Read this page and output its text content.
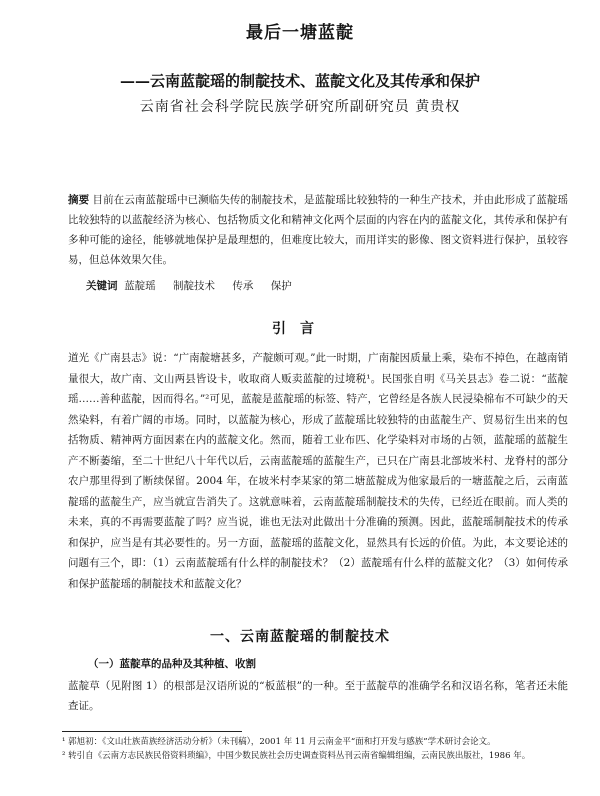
最后一塘蓝靛
——云南蓝靛瑶的制靛技术、蓝靛文化及其传承和保护
云南省社会科学院民族学研究所副研究员 黄贵权
摘要 目前在云南蓝靛瑶中已濒临失传的制靛技术，是蓝靛瑶比较独特的一种生产技术，并由此形成了蓝靛瑶比较独特的以蓝靛经济为核心、包括物质文化和精神文化两个层面的内容在内的蓝靛文化，其传承和保护有多种可能的途径，能够就地保护是最理想的，但难度比较大，而用详实的影像、图文资料进行保护，虽较容易，但总体效果欠佳。
关键词 蓝靛瑶 制靛技术 传承 保护
引言
道光《广南县志》说：“广南靛塘甚多，产靛颇可观。”此一时期，广南靛因质量上乘，染布不掉色，在越南销量很大，故广南、文山两县皆设卡，收取商人贩卖蓝靛的过境税¹。民国张自明《马关县志》卷二说：“蓝靛瑶……善种蓝靛，因而得名。”²可见，蓝靛是蓝靛瑶的标签、特产，它曾经是各族人民浸染棉布不可缺少的天然染料，有着广阔的市场。同时，以蓝靛为核心，形成了蓝靛瑶比较独特的由蓝靛生产、贸易衍生出来的包括物质、精神两方面因素在内的蓝靛文化。然而，随着工业布匹、化学染料对市场的占领，蓝靛瑶的蓝靛生产不断萎缩，至二十世纪八十年代以后，云南蓝靛瑶的蓝靛生产，已只在广南县北部坡米村、龙脊村的部分农户那里得到了断续保留。2004 年，在坡米村李某家的第二塘蓝靛成为他家最后的一塘蓝靛之后，云南蓝靛瑶的蓝靛生产，应当就宣告消失了。这就意味着，云南蓝靛瑶制靛技术的失传，已经近在眼前。而人类的未来，真的不再需要蓝靛了吗？应当说，谁也无法对此做出十分准确的预测。因此，蓝靛瑶制靛技术的传承和保护，应当是有其必要性的。另一方面，蓝靛瑶的蓝靛文化，显然具有长远的价值。为此，本文要论述的问题有三个，即：（1）云南蓝靛瑶有什么样的制靛技术？（2）蓝靛瑶有什么样的蓝靛文化？（3）如何传承和保护蓝靛瑶的制靛技术和蓝靛文化？
一、云南蓝靛瑶的制靛技术
（一）蓝靛草的品种及其种植、收割
蓝靛草（见附图 1）的根部是汉语所说的“板蓝根”的一种。至于蓝靛草的准确学名和汉语名称，笔者还未能查证。
¹ 郭旭初：《文山壮族苗族经济活动分析》（未刊稿），2001 年 11 月云南金平“面和打开发与感族”学术研讨会论文。
² 转引自《云南方志民族民俗资料琐编》，中国少数民族社会历史调查资料丛刊云南省编辑组编，云南民族出版社，1986 年。
